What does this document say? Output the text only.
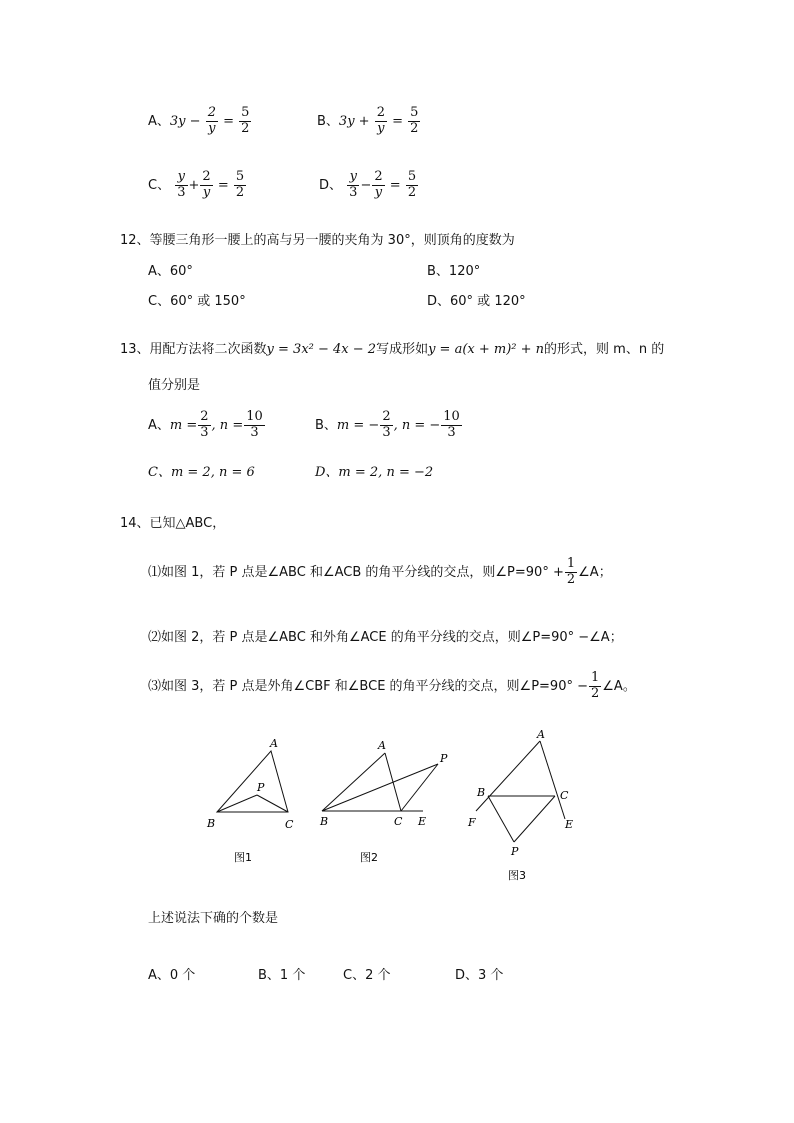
A、$3y - \frac{2}{y} = \frac{5}{2}$	B、$3y + \frac{2}{y} = \frac{5}{2}$
C、 $\frac{y}{3} + \frac{2}{y} = \frac{5}{2}$	D、 $\frac{y}{3} - \frac{2}{y} = \frac{5}{2}$
12、等腰三角形一腰上的高与另一腰的夹角为 30°，则顶角的度数为
A、60°	B、120°
C、60° 或 150°	D、60° 或 120°
13、用配方法将二次函数y = 3x² − 4x − 2写成形如y = a(x + m)² + n的形式，则 m、n 的
值分别是
A、$m = \frac{2}{3}$ , $n = \frac{10}{3}$	B、m = − $\frac{2}{3}$ , n = − $\frac{10}{3}$
C、m = 2, n = 6	D、m = 2, n = −2
14、已知△ABC，
⑴如图 1，若 P 点是∠ABC 和∠ACB 的角平分线的交点，则∠P=90° + $\frac{1}{2}$ ∠A；
⑵如图 2，若 P 点是∠ABC 和外角∠ACE 的角平分线的交点，则∠P=90° −∠A；
⑶如图 3，若 P 点是外角∠CBF 和∠BCE 的角平分线的交点，则∠P=90° − $\frac{1}{2}$ ∠A。
A
B	C
P
A
B	C E
P
A
B	C
E
F
P
图1	图2
图3
上述说法下确的个数是
A、0 个	B、1 个	C、2 个	D、3 个
